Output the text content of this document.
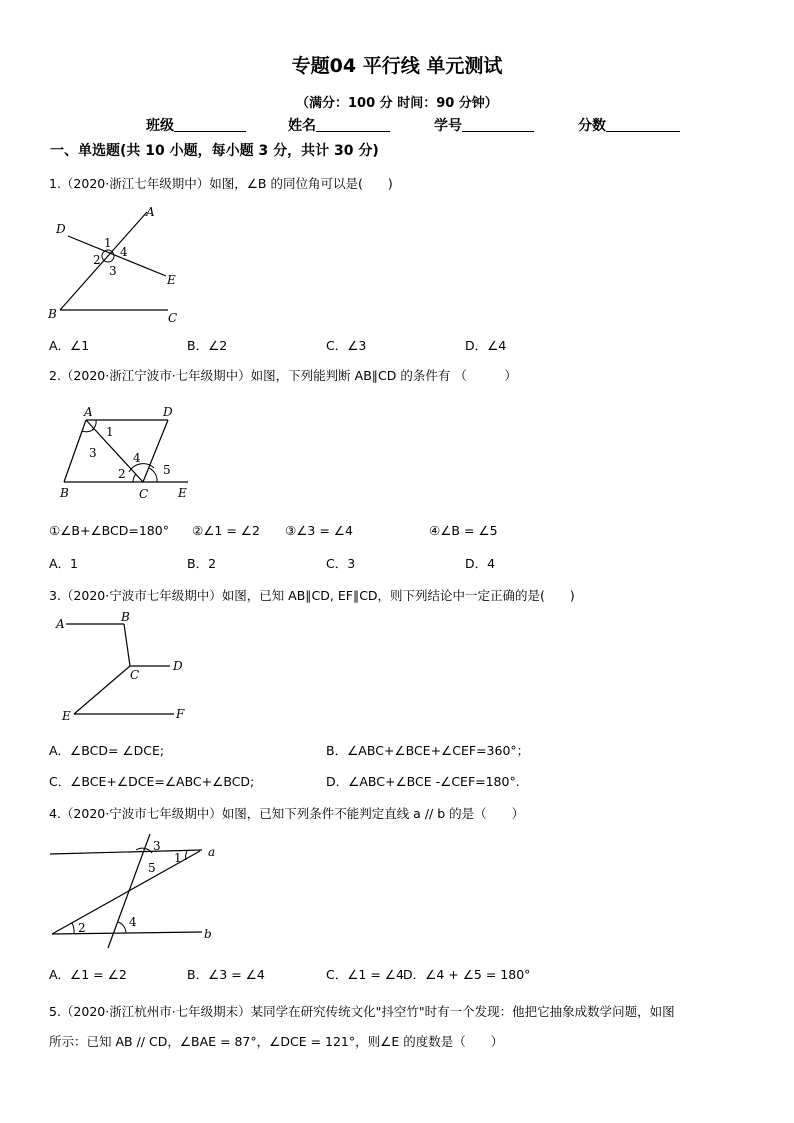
专题04 平行线 单元测试
（满分：100 分 时间：90 分钟）
班级	姓名	学号	分数
一、单选题(共 10 小题，每小题 3 分，共计 30 分)
1.（2020·浙江七年级期中）如图，∠B 的同位角可以是(　　)
A
D
1
2
4
3
E
B	C
A．∠1	B．∠2	C．∠3	D．∠4
2.（2020·浙江宁波市·七年级期中）如图，下列能判断 AB∥CD 的条件有 （　　　）
A	D
1
3	4
2	5
B	C E
①∠B+∠BCD=180° ②∠1 = ∠2 ③∠3 = ∠4	④∠B = ∠5
A．1	B．2	C．3	D．4
3.（2020·宁波市七年级期中）如图，已知 AB∥CD, EF∥CD，则下列结论中一定正确的是(　　)
A	B
D
C
E	F
A．∠BCD= ∠DCE;	B．∠ABC+∠BCE+∠CEF=360°；
C．∠BCE+∠DCE=∠ABC+∠BCD;	D．∠ABC+∠BCE -∠CEF=180°.
4.（2020·宁波市七年级期中）如图，已知下列条件不能判定直线 a // b 的是（　　）
3
1
5
a
4
2	b
A．∠1 = ∠2	B．∠3 = ∠4	C．∠1 = ∠4 D．∠4 + ∠5 = 180°
5.（2020·浙江杭州市·七年级期末）某同学在研究传统文化"抖空竹"时有一个发现：他把它抽象成数学问题，如图
所示：已知 AB // CD，∠BAE = 87°，∠DCE = 121°，则∠E 的度数是（　　）
